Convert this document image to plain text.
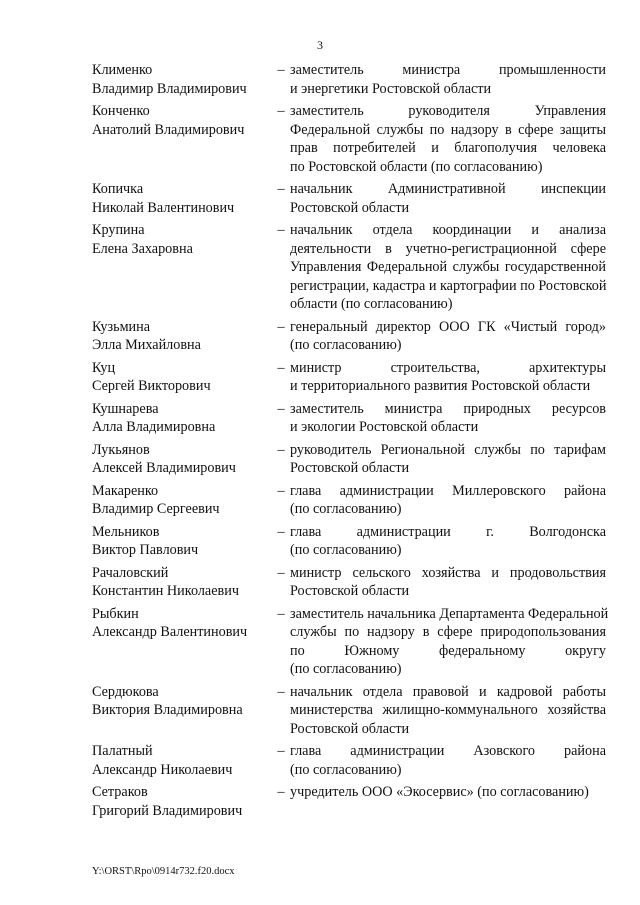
3
Клименко
Владимир Владимирович
– заместитель министра промышленности
и энергетики Ростовской области
Конченко
Анатолий Владимирович
– заместитель руководителя Управления
Федеральной службы по надзору в сфере защиты
прав потребителей и благополучия человека
по Ростовской области (по согласованию)
Копичка
Николай Валентинович
– начальник Административной инспекции
Ростовской области
Крупина
Елена Захаровна
– начальник отдела координации и анализа
деятельности в учетно-регистрационной сфере
Управления Федеральной службы государственной
регистрации, кадастра и картографии по Ростовской
области (по согласованию)
Кузьмина
Элла Михайловна
– генеральный директор ООО ГК «Чистый город»
(по согласованию)
Куц
Сергей Викторович
– министр строительства, архитектуры
и территориального развития Ростовской области
Кушнарева
Алла Владимировна
– заместитель министра природных ресурсов
и экологии Ростовской области
Лукьянов
Алексей Владимирович
– руководитель Региональной службы по тарифам
Ростовской области
Макаренко
Владимир Сергеевич
– глава администрации Миллеровского района
(по согласованию)
Мельников
Виктор Павлович
– глава администрации г. Волгодонска
(по согласованию)
Рачаловский
Константин Николаевич
– министр сельского хозяйства и продовольствия
Ростовской области
Рыбкин
Александр Валентинович
– заместитель начальника Департамента Федеральной
службы по надзору в сфере природопользования
по Южному федеральному округу
(по согласованию)
Сердюкова
Виктория Владимировна
– начальник отдела правовой и кадровой работы
министерства жилищно-коммунального хозяйства
Ростовской области
Палатный
Александр Николаевич
– глава администрации Азовского района
(по согласованию)
Сетраков
Григорий Владимирович
– учредитель ООО «Экосервис» (по согласованию)
Y:\ORST\Rpo\0914r732.f20.docx
